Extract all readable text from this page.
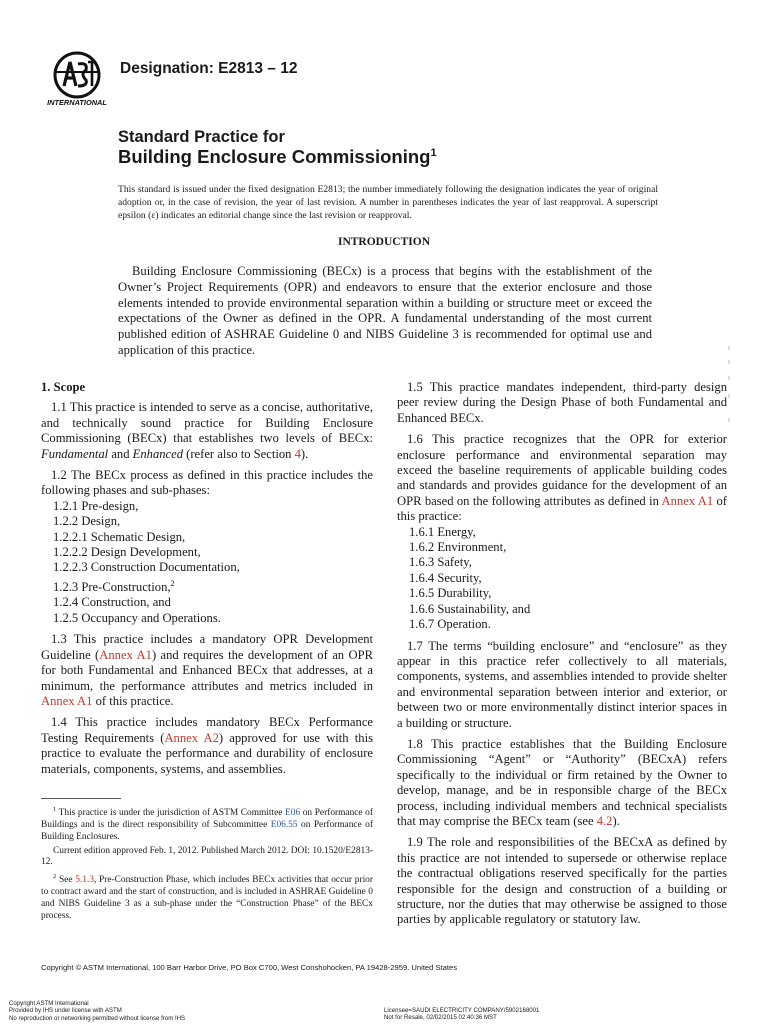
INTERNATIONAL
Designation: E2813 – 12
Standard Practice for
Building Enclosure Commissioning$^1$
This standard is issued under the fixed designation E2813; the number immediately following the designation indicates the year of original adoption or, in the case of revision, the year of last revision. A number in parentheses indicates the year of last reapproval. A superscript epsilon (ε) indicates an editorial change since the last revision or reapproval.
INTRODUCTION
Building Enclosure Commissioning (BECx) is a process that begins with the establishment of the Owner’s Project Requirements (OPR) and endeavors to ensure that the exterior enclosure and those elements intended to provide environmental separation within a building or structure meet or exceed the expectations of the Owner as defined in the OPR. A fundamental understanding of the most current published edition of ASHRAE Guideline 0 and NIBS Guideline 3 is recommended for optimal use and application of this practice.

1. Scope

1.1 This practice is intended to serve as a concise, authoritative, and technically sound practice for Building Enclosure Commissioning (BECx) that establishes two levels of BECx: Fundamental and Enhanced (refer also to Section 4).

1.2 The BECx process as defined in this practice includes the following phases and sub-phases:

1.2.1 Pre-design,

1.2.2 Design,

1.2.2.1 Schematic Design,

1.2.2.2 Design Development,

1.2.2.3 Construction Documentation,

1.2.3 Pre-Construction,$^2$

1.2.4 Construction, and

1.2.5 Occupancy and Operations.

1.3 This practice includes a mandatory OPR Development Guideline (Annex A1) and requires the development of an OPR for both Fundamental and Enhanced BECx that addresses, at a minimum, the performance attributes and metrics included in Annex A1 of this practice.

1.4 This practice includes mandatory BECx Performance Testing Requirements (Annex A2) approved for use with this practice to evaluate the performance and durability of enclosure materials, components, systems, and assemblies.

$^1$ This practice is under the jurisdiction of ASTM Committee E06 on Performance of Buildings and is the direct responsibility of Subcommittee E06.55 on Performance of Building Enclosures.

Current edition approved Feb. 1, 2012. Published March 2012. DOI: 10.1520/E2813-12.

$^2$ See 5.1.3, Pre-Construction Phase, which includes BECx activities that occur prior to contract award and the start of construction, and is included in ASHRAE Guideline 0 and NIBS Guideline 3 as a sub-phase under the “Construction Phase” of the BECx process.

1.5 This practice mandates independent, third-party design peer review during the Design Phase of both Fundamental and Enhanced BECx.

1.6 This practice recognizes that the OPR for exterior enclosure performance and environmental separation may exceed the baseline requirements of applicable building codes and standards and provides guidance for the development of an OPR based on the following attributes as defined in Annex A1 of this practice:

1.6.1 Energy,

1.6.2 Environment,

1.6.3 Safety,

1.6.4 Security,

1.6.5 Durability,

1.6.6 Sustainability, and

1.6.7 Operation.

1.7 The terms “building enclosure” and “enclosure” as they appear in this practice refer collectively to all materials, components, systems, and assemblies intended to provide shelter and environmental separation between interior and exterior, or between two or more environmentally distinct interior spaces in a building or structure.

1.8 This practice establishes that the Building Enclosure Commissioning “Agent” or “Authority” (BECxA) refers specifically to the individual or firm retained by the Owner to develop, manage, and be in responsible charge of the BECx process, including individual members and technical specialists that may comprise the BECx team (see 4.2).

1.9 The role and responsibilities of the BECxA as defined by this practice are not intended to supersede or otherwise replace the contractual obligations reserved specifically for the parties responsible for the design and construction of a building or structure, nor the duties that may otherwise be assigned to those parties by applicable regulatory or statutory law.

Copyright © ASTM International, 100 Barr Harbor Drive, PO Box C700, West Conshohocken, PA 19428-2959. United States
Copyright ASTM International
Provided by IHS under license with ASTM
No reproduction or networking permitted without license from IHS
Licensee=SAUDI ELECTRICITY COMPANY/5902168001
Not for Resale, 02/02/2015 02:40:36 MST
